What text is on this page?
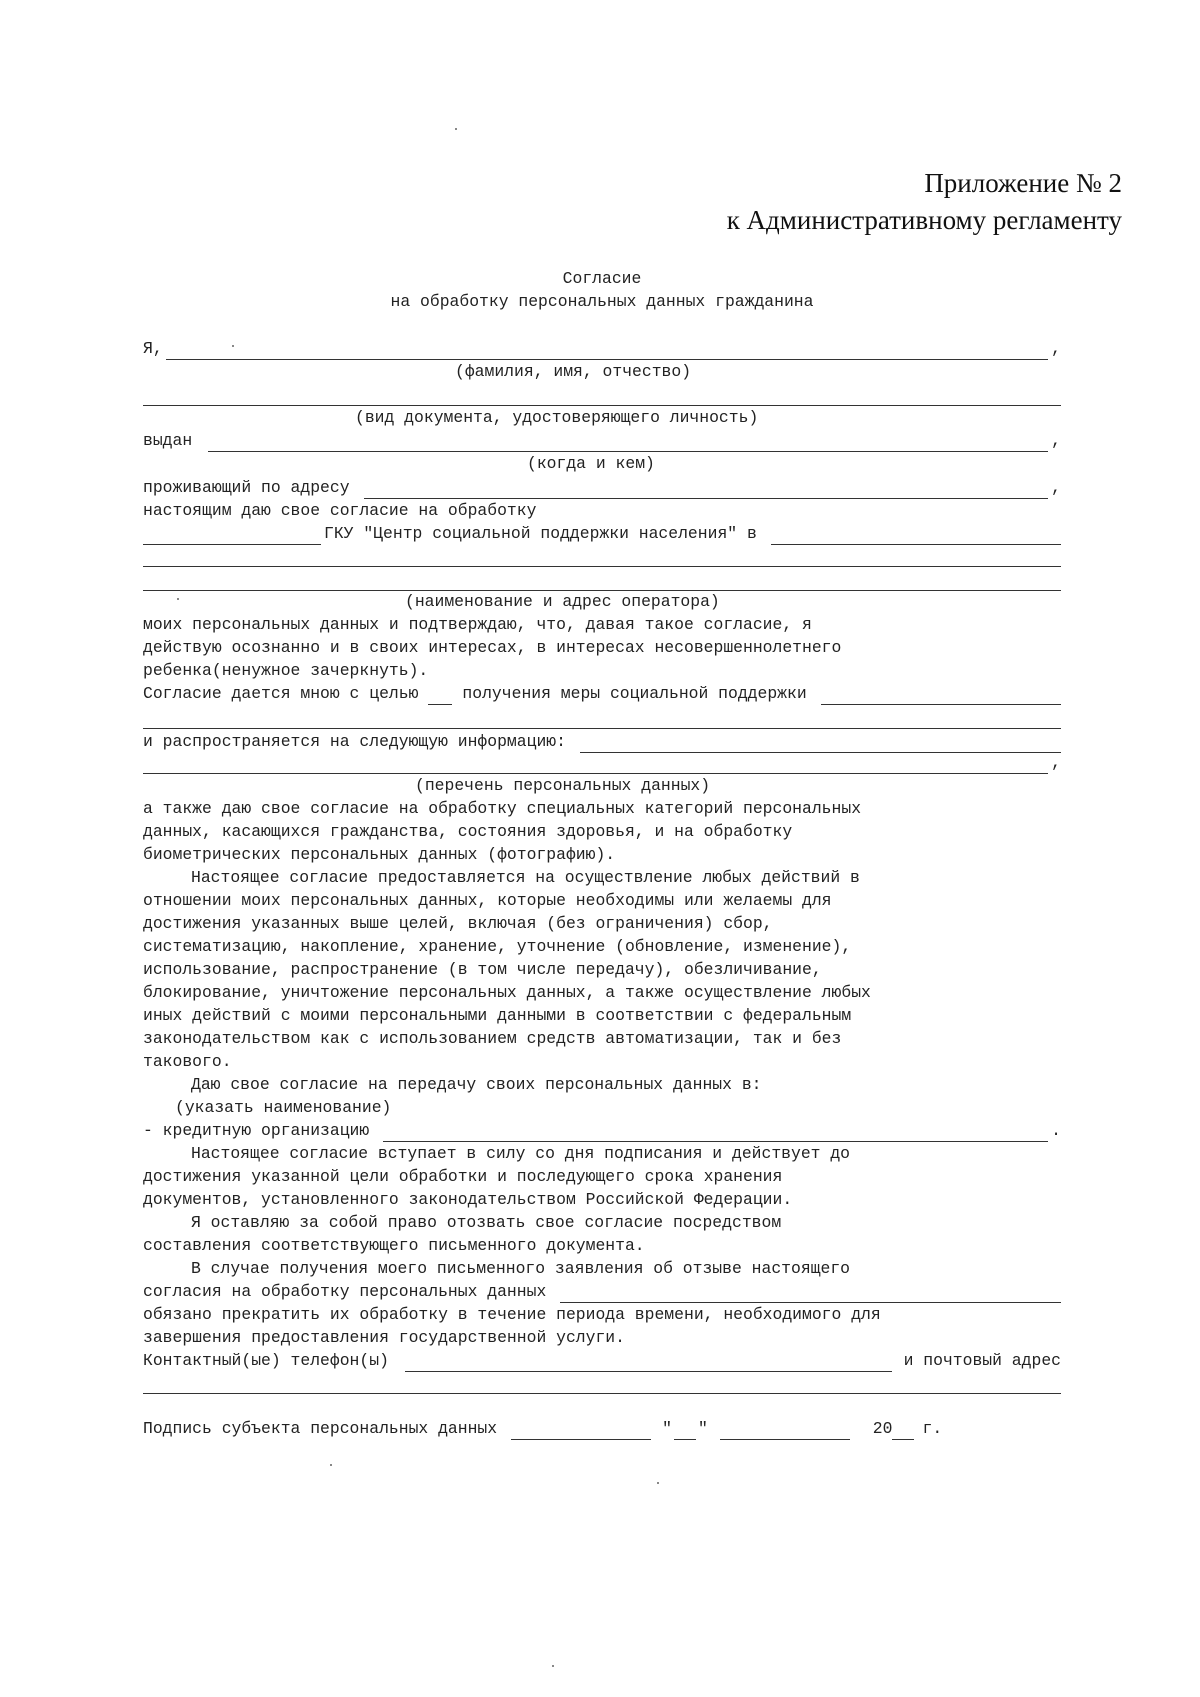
Приложение № 2
к Административному регламенту
Согласие
на обработку персональных данных гражданина
Я,	,
(фамилия, имя, отчество)
(вид документа, удостоверяющего личность)
выдан	,
(когда и кем)
проживающий по адресу	,
настоящим даю свое согласие на обработку
ГКУ "Центр социальной поддержки населения" в
(наименование и адрес оператора)
моих персональных данных и подтверждаю, что, давая такое согласие, я
действую осознанно и в своих интересах, в интересах несовершеннолетнего
ребенка(ненужное зачеркнуть).
Согласие дается мною с целью	получения меры социальной поддержки
и распространяется на следующую информацию:
,
(перечень персональных данных)
а также даю свое согласие на обработку специальных категорий персональных
данных, касающихся гражданства, состояния здоровья, и на обработку
биометрических персональных данных (фотографию).
Настоящее согласие предоставляется на осуществление любых действий в
отношении моих персональных данных, которые необходимы или желаемы для
достижения указанных выше целей, включая (без ограничения) сбор,
систематизацию, накопление, хранение, уточнение (обновление, изменение),
использование, распространение (в том числе передачу), обезличивание,
блокирование, уничтожение персональных данных, а также осуществление любых
иных действий с моими персональными данными в соответствии с федеральным
законодательством как с использованием средств автоматизации, так и без
такового.
Даю свое согласие на передачу своих персональных данных в:
(указать наименование)
- кредитную организацию	.
Настоящее согласие вступает в силу со дня подписания и действует до
достижения указанной цели обработки и последующего срока хранения
документов, установленного законодательством Российской Федерации.
Я оставляю за собой право отозвать свое согласие посредством
составления соответствующего письменного документа.
В случае получения моего письменного заявления об отзыве настоящего
согласия на обработку персональных данных
обязано прекратить их обработку в течение периода времени, необходимого для
завершения предоставления государственной услуги.
Контактный(ые) телефон(ы)	и почтовый адрес
Подпись субъекта персональных данных	" "	20 г.
